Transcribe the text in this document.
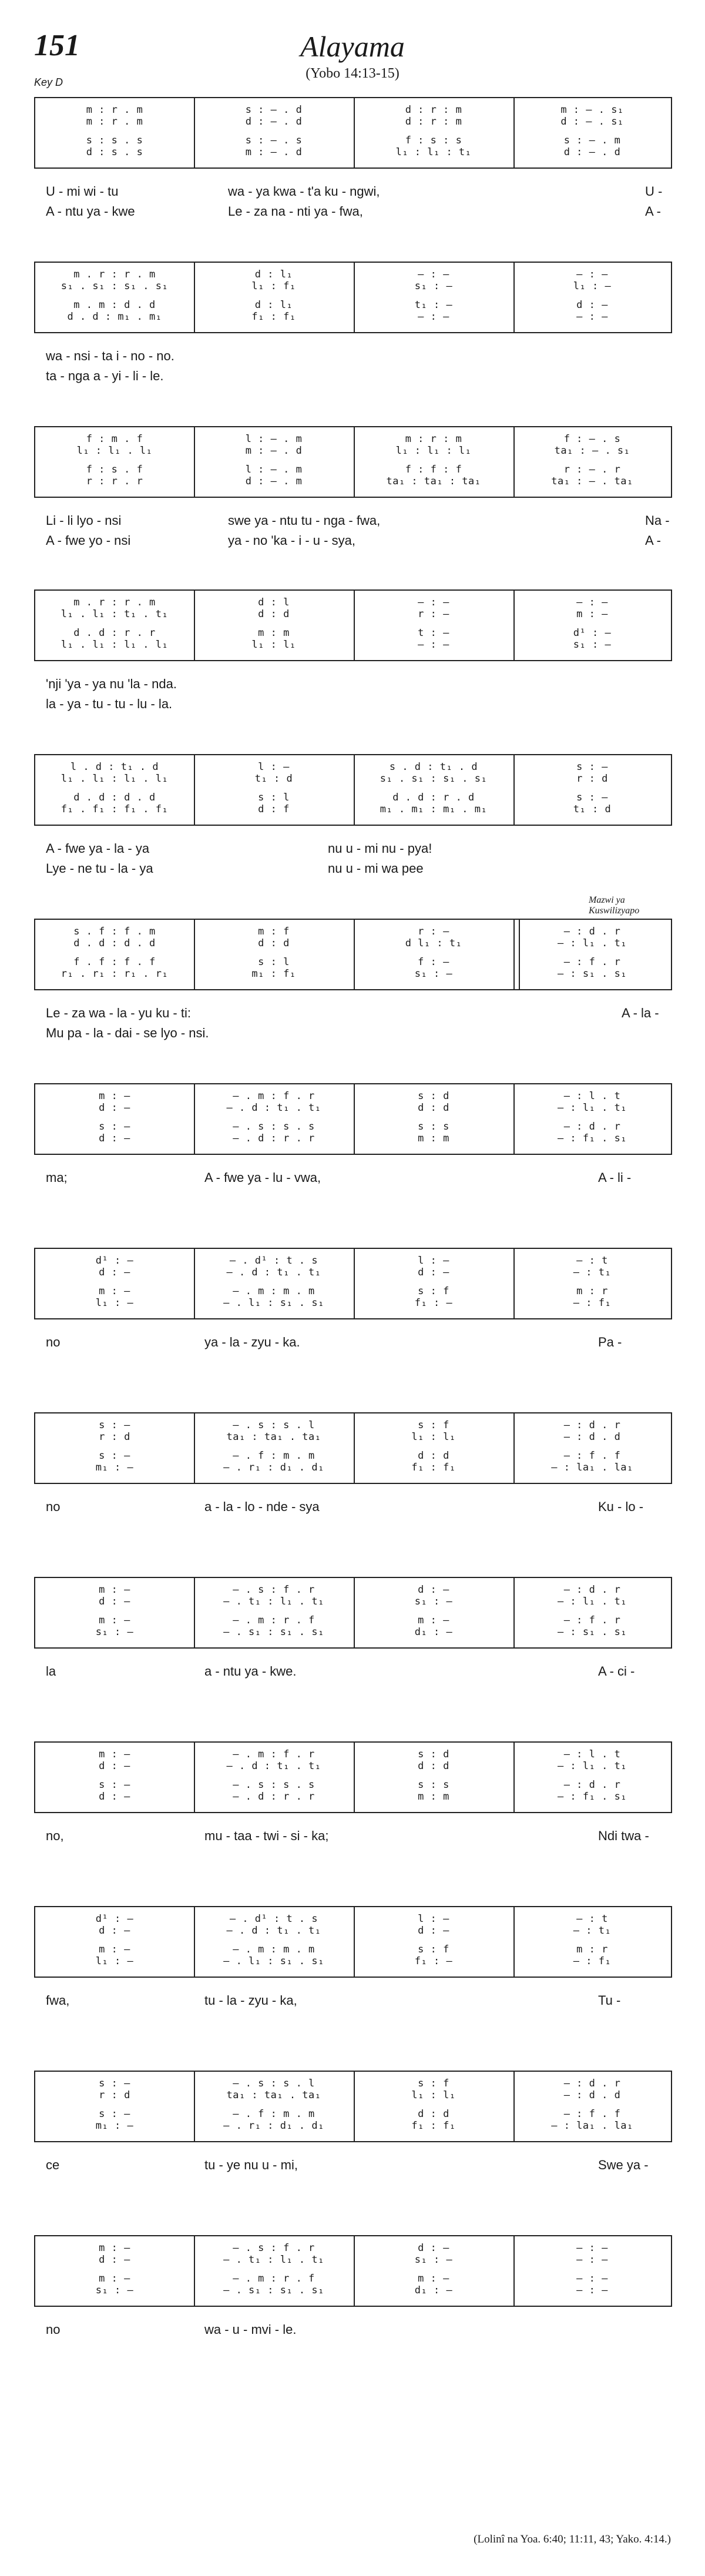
151
Key D
Alayama
(Yobo 14:13-15)
m : r . m	s : – . d	d : r : m	m : – . s₁
m : r . m	d : – . d	d : r : m	d : – . s₁
s : s . s	s : – . s	f : s : s	s : – . m
d : s . s	m : – . d	l₁ : l₁ : t₁	d : – . d
U - mi wi - tu	wa - ya kwa - t'a ku - ngwi,	U -
A - ntu ya - kwe	Le - za na - nti ya - fwa,	A -
m . r : r . m	d : l₁	— : —	— : —
s₁ . s₁ : s₁ . s₁	l₁ : f₁	s₁ : —	l₁ : —
m . m : d . d	d : l₁	t₁ : —	d : —
d . d : m₁ . m₁	f₁ : f₁	— : —	— : —
wa - nsi - ta i - no - no.
ta - nga a - yi - li - le.
f : m . f	l : – . m	m : r : m	f : – . s
l₁ : l₁ . l₁	m : – . d	l₁ : l₁ : l₁	ta₁ : – . s₁
f : s . f	l : – . m	f : f : f	r : – . r
r : r . r	d : – . m	ta₁ : ta₁ : ta₁	ta₁ : – . ta₁
Li - li lyo - nsi	swe ya - ntu tu - nga - fwa,	Na -
A - fwe yo - nsi	ya - no 'ka - i - u - sya,	A -
m . r : r . m	d : l	— : —	— : —
l₁ . l₁ : t₁ . t₁	d : d	r : —	m : —
d . d : r . r	m : m	t : —	d¹ : —
l₁ . l₁ : l₁ . l₁	l₁ : l₁	— : —	s₁ : —
'nji 'ya - ya nu 'la - nda.
la - ya - tu - tu - lu - la.
l . d : t₁ . d	l : —	s . d : t₁ . d	s : —
l₁ . l₁ : l₁ . l₁	t₁ : d	s₁ . s₁ : s₁ . s₁	r : d
d . d : d . d	s : l	d . d : r . d	s : —
f₁ . f₁ : f₁ . f₁	d : f	m₁ . m₁ : m₁ . m₁	t₁ : d
A - fwe ya - la - ya	nu u - mi nu - pya!
Lye - ne tu - la - ya	nu u - mi wa pee
Mazwi ya Kuswilizyapo
s . f : f . m	m : f	r : —	— : d . r
d . d : d . d	d : d	d l₁ : t₁	— : l₁ . t₁
f . f : f . f	s : l	f : —	— : f . r
r₁ . r₁ : r₁ . r₁	m₁ : f₁	s₁ : —	— : s₁ . s₁
Le - za wa - la - yu ku - ti:	A - la -
Mu pa - la - dai - se lyo - nsi.
m : —	– . m : f . r	s : d	— : l . t
d : —	– . d : t₁ . t₁	d : d	— : l₁ . t₁
s : —	– . s : s . s	s : s	— : d . r
d : —	– . d : r . r	m : m	— : f₁ . s₁
ma;	A - fwe ya - lu - vwa,	A - li -
d¹ : —	– . d¹ : t . s	l : —	— : t
d : —	– . d : t₁ . t₁	d : —	— : t₁
m : —	– . m : m . m	s : f	m : r
l₁ : —	– . l₁ : s₁ . s₁	f₁ : —	— : f₁
no	ya - la - zyu - ka.	Pa -
s : —	– . s : s . l	s : f	— : d . r
r : d	ta₁ : ta₁ . ta₁	l₁ : l₁	— : d . d
s : —	– . f : m . m	d : d	— : f . f
m₁ : —	– . r₁ : d₁ . d₁	f₁ : f₁	— : la₁ . la₁
no	a - la - lo - nde - sya	Ku - lo -
m : —	– . s : f . r	d : —	— : d . r
d : —	– . t₁ : l₁ . t₁	s₁ : —	— : l₁ . t₁
m : —	– . m : r . f	m : —	— : f . r
s₁ : —	– . s₁ : s₁ . s₁	d₁ : —	— : s₁ . s₁
la	a - ntu ya - kwe.	A - ci -
m : —	– . m : f . r	s : d	— : l . t
d : —	– . d : t₁ . t₁	d : d	— : l₁ . t₁
s : —	– . s : s . s	s : s	— : d . r
d : —	– . d : r . r	m : m	— : f₁ . s₁
no,	mu - taa - twi - si - ka;	Ndi twa -
d¹ : —	– . d¹ : t . s	l : —	— : t
d : —	– . d : t₁ . t₁	d : —	— : t₁
m : —	– . m : m . m	s : f	m : r
l₁ : —	– . l₁ : s₁ . s₁	f₁ : —	— : f₁
fwa,	tu - la - zyu - ka,	Tu -
s : —	– . s : s . l	s : f	— : d . r
r : d	ta₁ : ta₁ . ta₁	l₁ : l₁	— : d . d
s : —	– . f : m . m	d : d	— : f . f
m₁ : —	– . r₁ : d₁ . d₁	f₁ : f₁	— : la₁ . la₁
ce	tu - ye nu u - mi,	Swe ya -
m : —	– . s : f . r	d : —	— : —
d : —	– . t₁ : l₁ . t₁	s₁ : —	— : —
m : —	– . m : r . f	m : —	— : —
s₁ : —	– . s₁ : s₁ . s₁	d₁ : —	— : —
no	wa - u - mvi - le.
(Lolinî na Yoa. 6:40; 11:11, 43; Yako. 4:14.)
